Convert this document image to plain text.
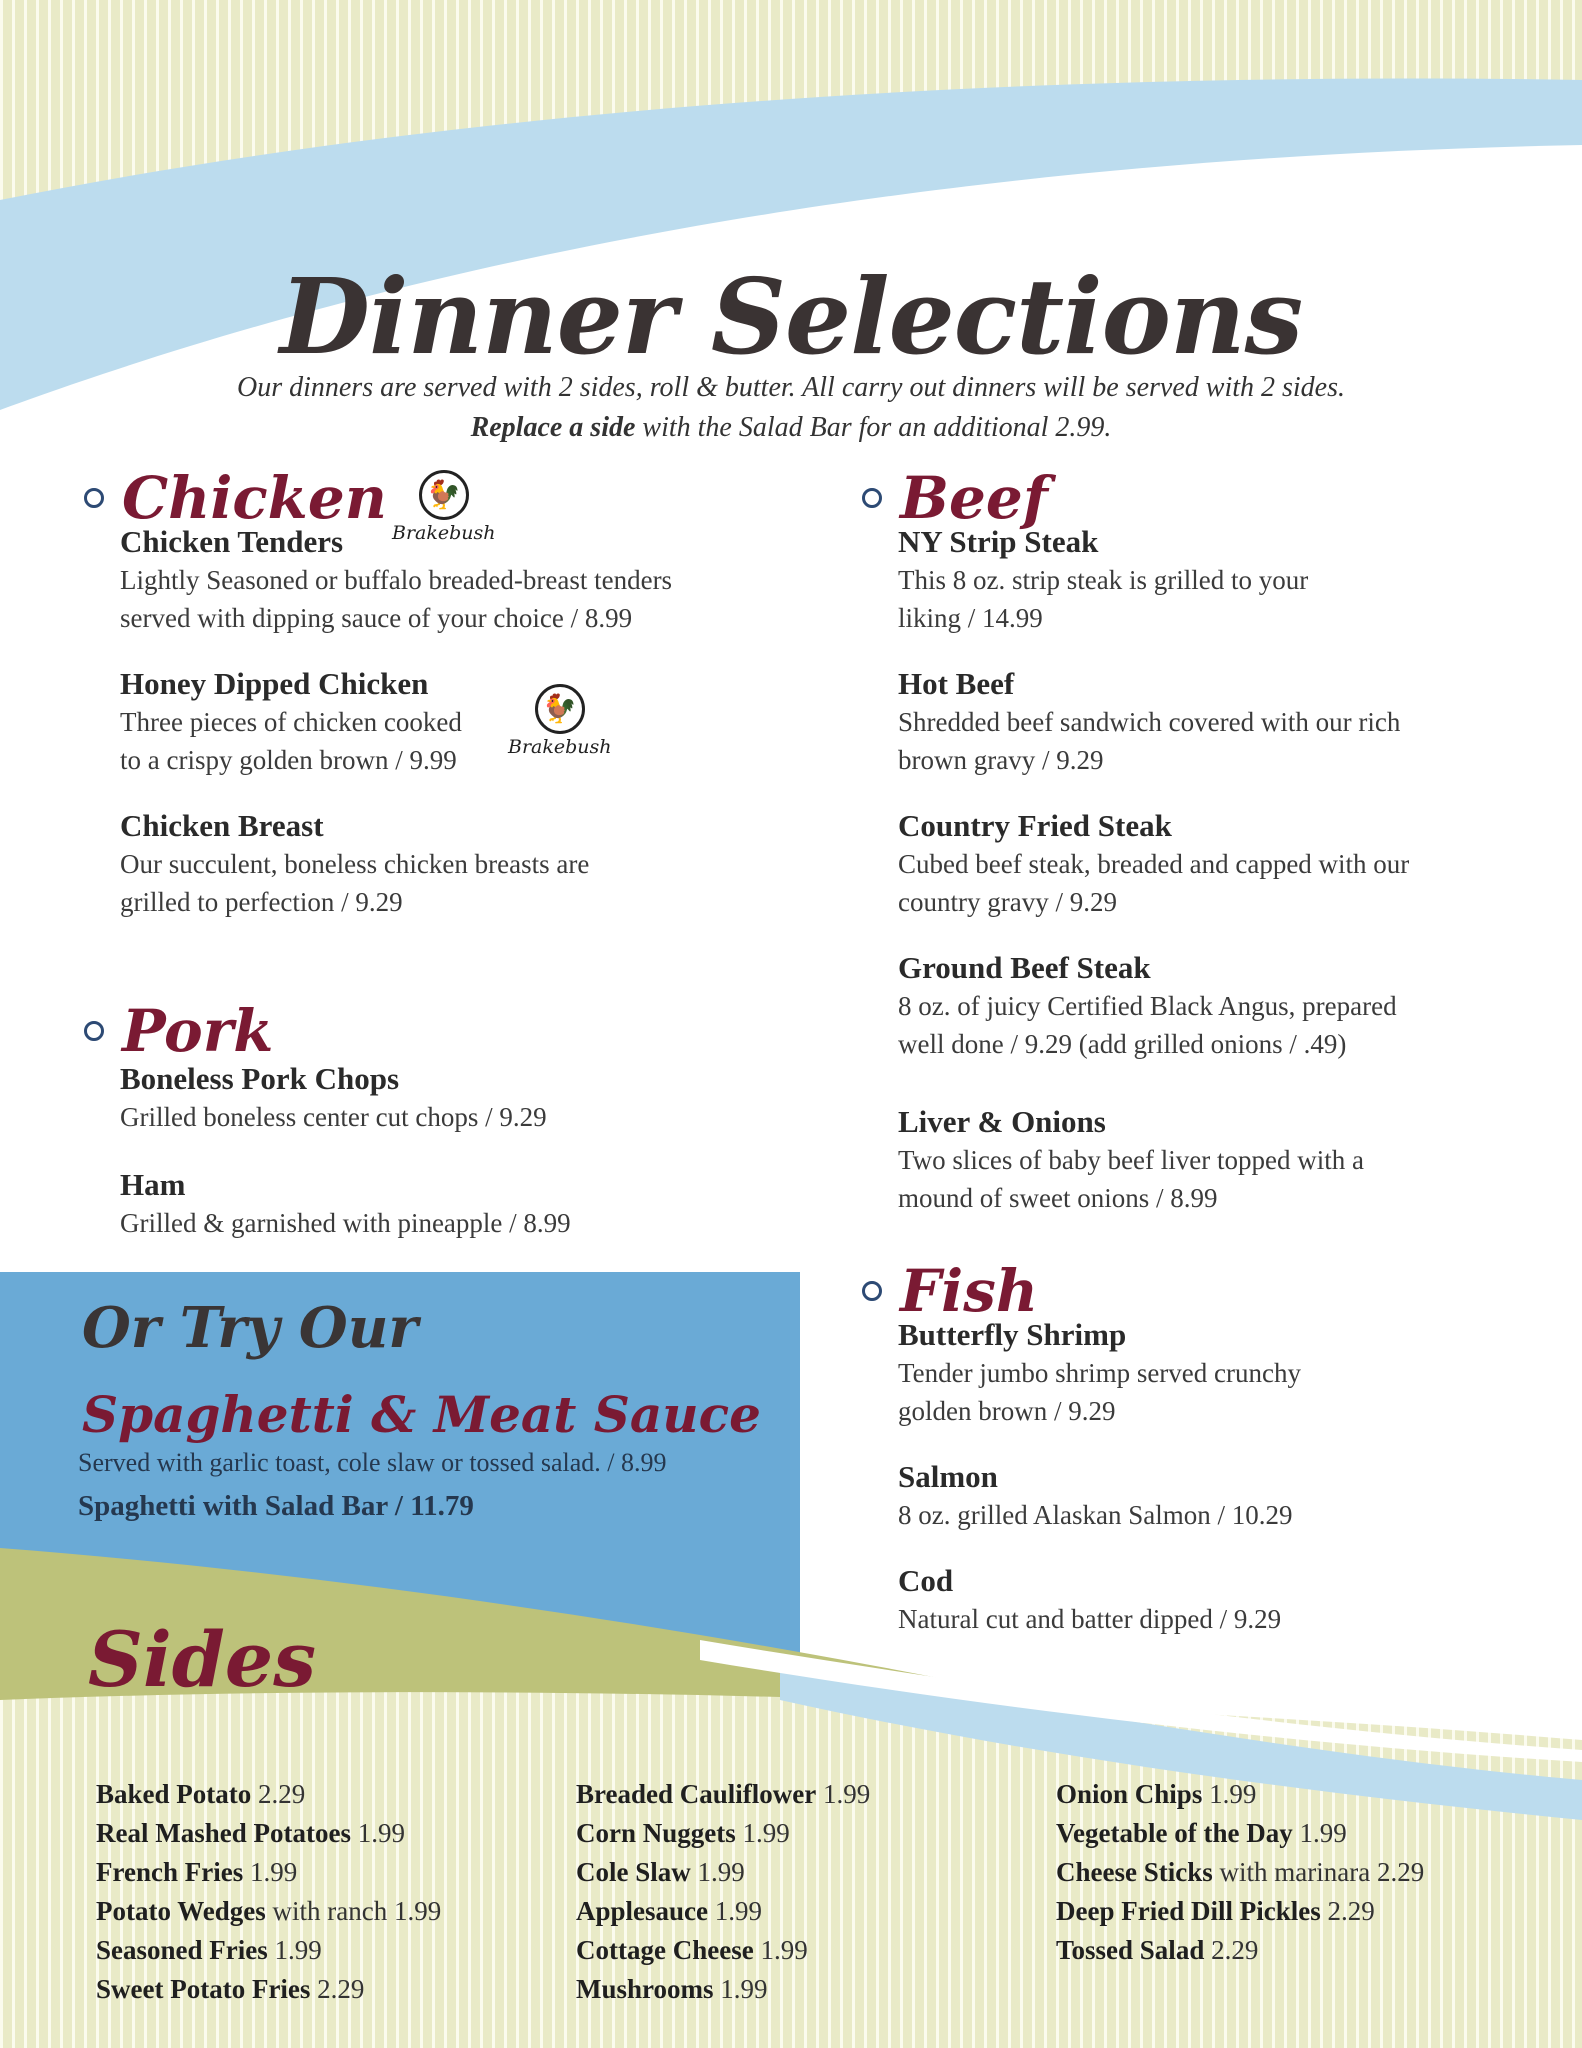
Dinner Selections

Our dinners are served with 2 sides, roll & butter. All carry out dinners will be served with 2 sides.

Replace a side with the Salad Bar for an additional 2.99.

Chicken
Chicken Tenders
Lightly Seasoned or buffalo breaded-breast tenders
served with dipping sauce of your choice / 8.99
Honey Dipped Chicken
Three pieces of chicken cooked
to a crispy golden brown / 9.99
Chicken Breast
Our succulent, boneless chicken breasts are
grilled to perfection / 9.29
🐓
Brakebush
🐓
Brakebush
Pork
Boneless Pork Chops
Grilled boneless center cut chops / 9.29
Ham
Grilled & garnished with pineapple / 8.99
Beef
NY Strip Steak
This 8 oz. strip steak is grilled to your
liking / 14.99
Hot Beef
Shredded beef sandwich covered with our rich
brown gravy / 9.29
Country Fried Steak
Cubed beef steak, breaded and capped with our
country gravy / 9.29
Ground Beef Steak
8 oz. of juicy Certified Black Angus, prepared
well done / 9.29 (add grilled onions / .49)
Liver & Onions
Two slices of baby beef liver topped with a
mound of sweet onions / 8.99
Fish
Butterfly Shrimp
Tender jumbo shrimp served crunchy
golden brown / 9.29
Salmon
8 oz. grilled Alaskan Salmon / 10.29
Cod
Natural cut and batter dipped / 9.29
Or Try Our
Spaghetti & Meat Sauce
Served with garlic toast, cole slaw or tossed salad. / 8.99
Spaghetti with Salad Bar / 11.79
Sides
Baked Potato 2.29
Real Mashed Potatoes 1.99
French Fries 1.99
Potato Wedges with ranch 1.99
Seasoned Fries 1.99
Sweet Potato Fries 2.29
Breaded Cauliflower 1.99
Corn Nuggets 1.99
Cole Slaw 1.99
Applesauce 1.99
Cottage Cheese 1.99
Mushrooms 1.99
Onion Chips 1.99
Vegetable of the Day 1.99
Cheese Sticks with marinara 2.29
Deep Fried Dill Pickles 2.29
Tossed Salad 2.29
